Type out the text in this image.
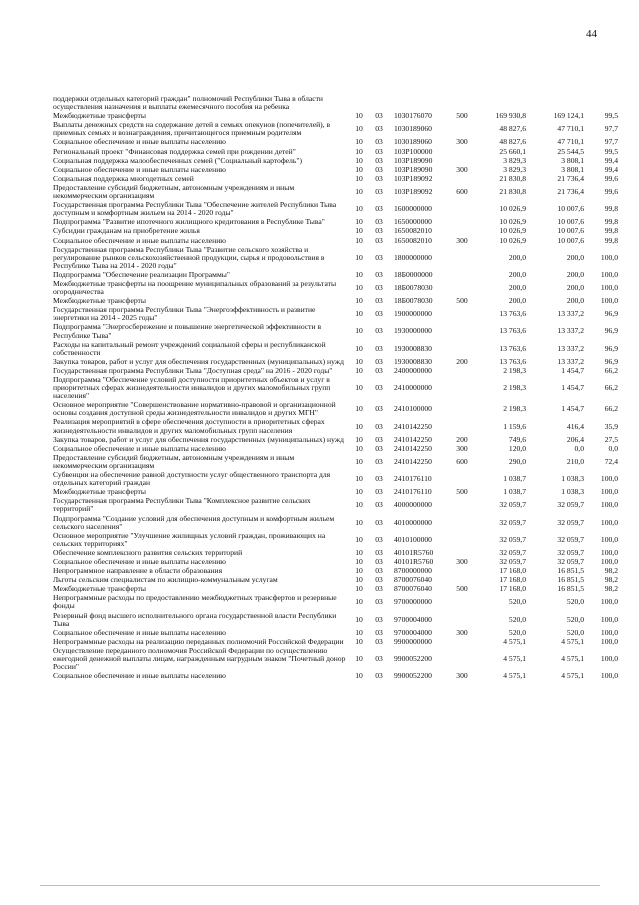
44
поддержки отдельных категорий граждан" полномочий Республики Тыва в области осуществления назначения и выплаты ежемесячного пособия на ребенка							
Межбюджетные трансферты	10	03	1030176070	500	169 930,8	169 124,1	99,5
Выплаты денежных средств на содержание детей в семьях опекунов (попечителей), в приемных семьях и вознаграждения, причитающегося приемным родителям	10	03	1030189060		48 827,6	47 710,1	97,7
Социальное обеспечение и иные выплаты населению	10	03	1030189060	300	48 827,6	47 710,1	97,7
Региональный проект "Финансовая поддержка семей при рождении детей"	10	03	103P100000		25 660,1	25 544,5	99,5
Социальная поддержка малообеспеченных семей ("Социальный картофель")	10	03	103P189090		3 829,3	3 808,1	99,4
Социальное обеспечение и иные выплаты населению	10	03	103P189090	300	3 829,3	3 808,1	99,4
Социальная поддержка многодетных семей	10	03	103P189092		21 830,8	21 736,4	99,6
Предоставление субсидий бюджетным, автономным учреждениям и иным некоммерческим организациям	10	03	103P189092	600	21 830,8	21 736,4	99,6
Государственная программа Республики Тыва "Обеспечение жителей Республики Тыва доступным и комфортным жильем на 2014 - 2020 годы"	10	03	1600000000		10 026,9	10 007,6	99,8
Подпрограмма "Развитие ипотечного жилищного кредитования в Республике Тыва"	10	03	1650000000		10 026,9	10 007,6	99,8
Субсидии гражданам на приобретение жилья	10	03	1650082010		10 026,9	10 007,6	99,8
Социальное обеспечение и иные выплаты населению	10	03	1650082010	300	10 026,9	10 007,6	99,8
Государственная программа Республики Тыва "Развитие сельского хозяйства и регулирование рынков сельскохозяйственной продукции, сырья и продовольствия в Республике Тыва на 2014 - 2020 годы"	10	03	1800000000		200,0	200,0	100,0
Подпрограмма "Обеспечение реализации Программы"	10	03	18Б0000000		200,0	200,0	100,0
Межбюджетные трансферты на поощрение муниципальных образований за результаты огородничества	10	03	18Б0078030		200,0	200,0	100,0
Межбюджетные трансферты	10	03	18Б0078030	500	200,0	200,0	100,0
Государственная программа Республики Тыва "Энергоэффективность и развитие энергетики на 2014 - 2025 годы"	10	03	1900000000		13 763,6	13 337,2	96,9
Подпрограмма "Энергосбережение и повышение энергетической эффективности в Республике Тыва"	10	03	1930000000		13 763,6	13 337,2	96,9
Расходы на капитальный ремонт учреждений социальной сферы и республиканской собственности	10	03	1930008830		13 763,6	13 337,2	96,9
Закупка товаров, работ и услуг для обеспечения государственных (муниципальных) нужд	10	03	1930008830	200	13 763,6	13 337,2	96,9
Государственная программа Республики Тыва "Доступная среда" на 2016 - 2020 годы"	10	03	2400000000		2 198,3	1 454,7	66,2
Подпрограмма "Обеспечение условий доступности приоритетных объектов и услуг в приоритетных сферах жизнедеятельности инвалидов и других маломобильных групп населения"	10	03	2410000000		2 198,3	1 454,7	66,2
Основное мероприятие "Совершенствование нормативно-правовой и организационной основы создания доступной среды жизнедеятельности инвалидов и других МГН"	10	03	2410100000		2 198,3	1 454,7	66,2
Реализация мероприятий в сфере обеспечения доступности в приоритетных сферах жизнедеятельности инвалидов и других маломобильных групп населения	10	03	2410142250		1 159,6	416,4	35,9
Закупка товаров, работ и услуг для обеспечения государственных (муниципальных) нужд	10	03	2410142250	200	749,6	206,4	27,5
Социальное обеспечение и иные выплаты населению	10	03	2410142250	300	120,0	0,0	0,0
Предоставление субсидий бюджетным, автономным учреждениям и иным некоммерческим организациям	10	03	2410142250	600	290,0	210,0	72,4
Субвенции на обеспечение равной доступности услуг общественного транспорта для отдельных категорий граждан	10	03	2410176110		1 038,7	1 038,3	100,0
Межбюджетные трансферты	10	03	2410176110	500	1 038,7	1 038,3	100,0
Государственная программа Республики Тыва "Комплексное развитие сельских территорий"	10	03	4000000000		32 059,7	32 059,7	100,0
Подпрограмма "Создание условий для обеспечения доступным и комфортным жильем сельского населения"	10	03	4010000000		32 059,7	32 059,7	100,0
Основное мероприятие "Улучшение жилищных условий граждан, проживающих на сельских территориях"	10	03	4010100000		32 059,7	32 059,7	100,0
Обеспечение комплексного развития сельских территорий	10	03	40101R5760		32 059,7	32 059,7	100,0
Социальное обеспечение и иные выплаты населению	10	03	40101R5760	300	32 059,7	32 059,7	100,0
Непрограммное направление в области образования	10	03	8700000000		17 168,0	16 851,5	98,2
Льготы сельским специалистам по жилищно-коммунальным услугам	10	03	8700076040		17 168,0	16 851,5	98,2
Межбюджетные трансферты	10	03	8700076040	500	17 168,0	16 851,5	98,2
Непрограммные расходы по предоставлению межбюджетных трансфертов и резервные фонды	10	03	9700000000		520,0	520,0	100,0
Резервный фонд высшего исполнительного органа государственной власти Республики Тыва	10	03	9700004000		520,0	520,0	100,0
Социальное обеспечение и иные выплаты населению	10	03	9700004000	300	520,0	520,0	100,0
Непрограммные расходы на реализацию переданных полномочий Российской Федерации	10	03	9900000000		4 575,1	4 575,1	100,0
Осуществление переданного полномочия Российской Федерации по осуществлению ежегодной денежной выплаты лицам, награжденным нагрудным знаком "Почетный донор России"	10	03	9900052200		4 575,1	4 575,1	100,0
Социальное обеспечение и иные выплаты населению	10	03	9900052200	300	4 575,1	4 575,1	100,0
